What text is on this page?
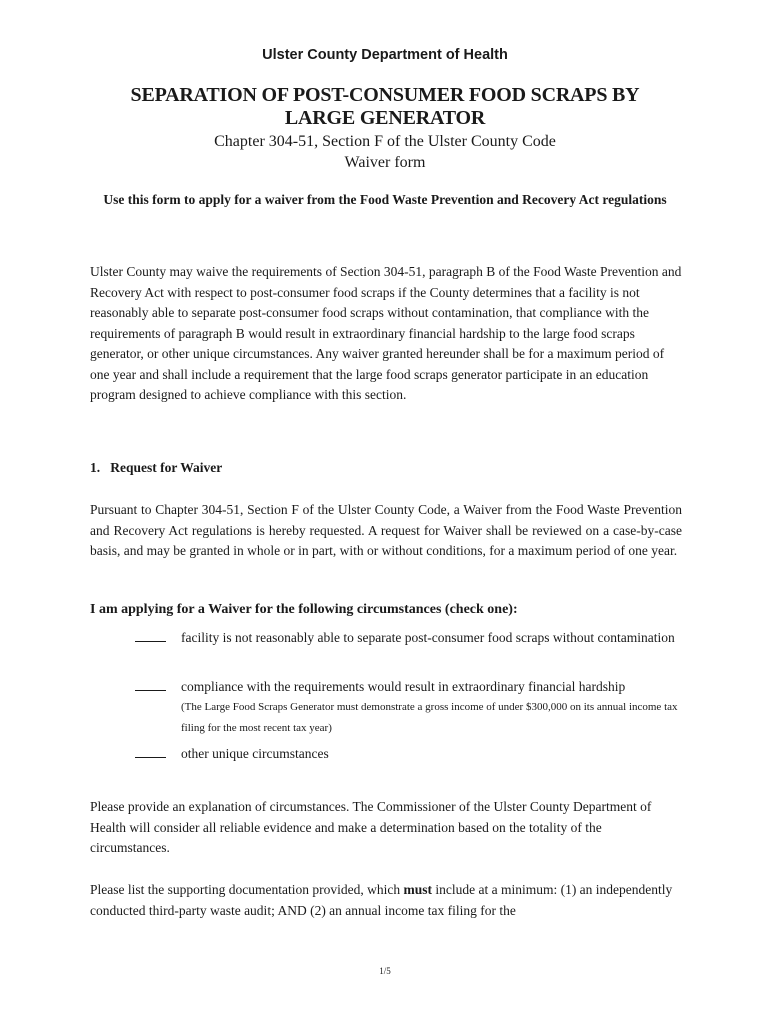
Ulster County Department of Health
SEPARATION OF POST-CONSUMER FOOD SCRAPS BY
LARGE GENERATOR
Chapter 304-51, Section F of the Ulster County Code
Waiver form
Use this form to apply for a waiver from the Food Waste Prevention and Recovery Act regulations
Ulster County may waive the requirements of Section 304-51, paragraph B of the Food Waste Prevention and Recovery Act with respect to post-consumer food scraps if the County determines that a facility is not reasonably able to separate post-consumer food scraps without contamination, that compliance with the requirements of paragraph B would result in extraordinary financial hardship to the large food scraps generator, or other unique circumstances. Any waiver granted hereunder shall be for a maximum period of one year and shall include a requirement that the large food scraps generator participate in an education program designed to achieve compliance with this section.
1.   Request for Waiver
Pursuant to Chapter 304-51, Section F of the Ulster County Code, a Waiver from the Food Waste Prevention and Recovery Act regulations is hereby requested. A request for Waiver shall be reviewed on a case-by-case basis, and may be granted in whole or in part, with or without conditions, for a maximum period of one year.
I am applying for a Waiver for the following circumstances (check one):
facility is not reasonably able to separate post-consumer food scraps without contamination
compliance with the requirements would result in extraordinary financial hardship
(The Large Food Scraps Generator must demonstrate a gross income of under $300,000 on its annual income tax filing for the most recent tax year)
other unique circumstances
Please provide an explanation of circumstances. The Commissioner of the Ulster County Department of Health will consider all reliable evidence and make a determination based on the totality of the circumstances.
Please list the supporting documentation provided, which must include at a minimum: (1) an independently conducted third-party waste audit; AND (2) an annual income tax filing for the
1/5
